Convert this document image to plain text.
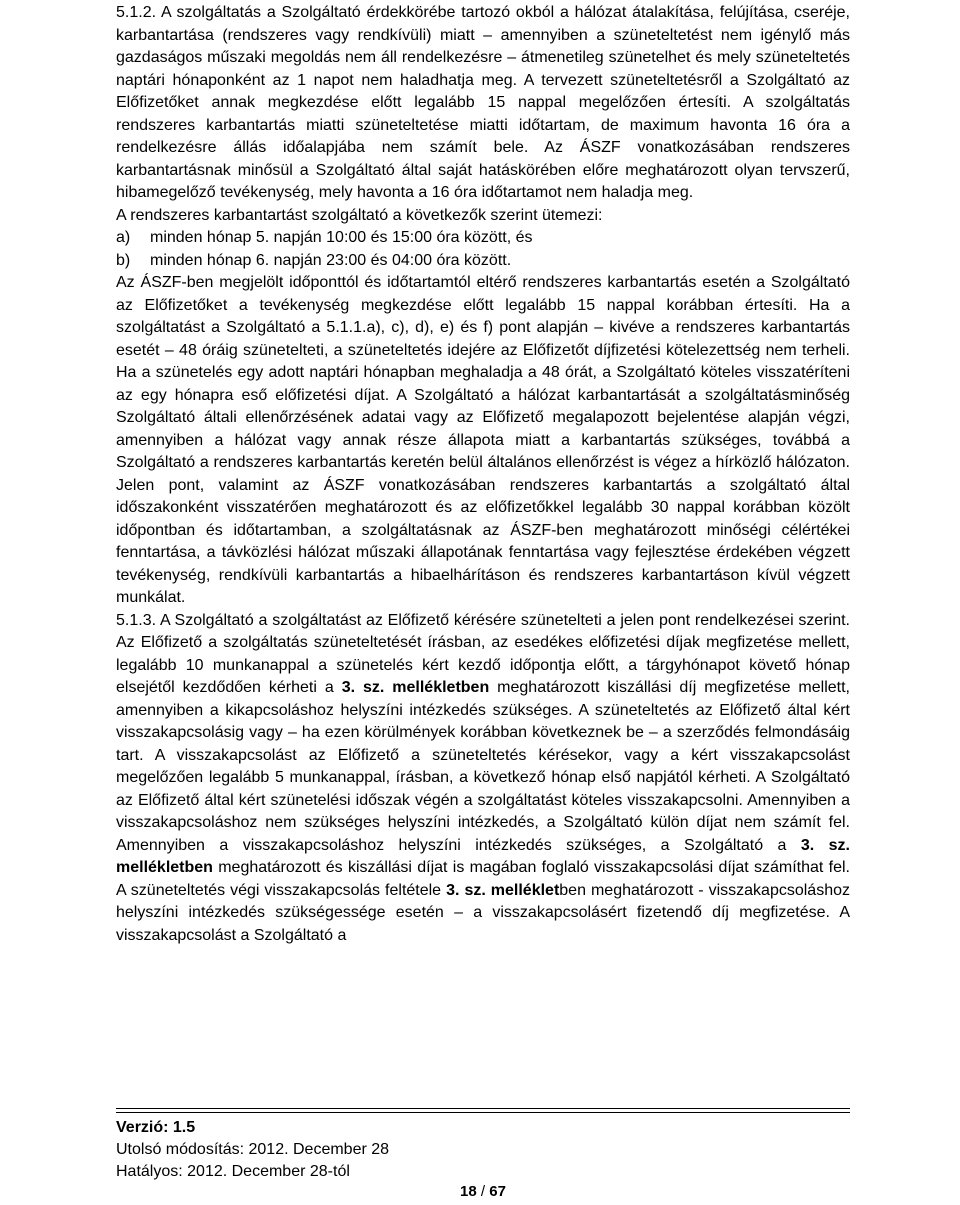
5.1.2. A szolgáltatás a Szolgáltató érdekkörébe tartozó okból a hálózat átalakítása, felújítása, cseréje, karbantartása (rendszeres vagy rendkívüli) miatt – amennyiben a szüneteltetést nem igénylő más gazdaságos műszaki megoldás nem áll rendelkezésre – átmenetileg szünetelhet és mely szüneteltetés naptári hónaponként az 1 napot nem haladhatja meg. A tervezett szüneteltetésről a Szolgáltató az Előfizetőket annak megkezdése előtt legalább 15 nappal megelőzően értesíti. A szolgáltatás rendszeres karbantartás miatti szüneteltetése miatti időtartam, de maximum havonta 16 óra a rendelkezésre állás időalapjába nem számít bele. Az ÁSZF vonatkozásában rendszeres karbantartásnak minősül a Szolgáltató által saját hatáskörében előre meghatározott olyan tervszerű, hibamegelőző tevékenység, mely havonta a 16 óra időtartamot nem haladja meg.

A rendszeres karbantartást szolgáltató a következők szerint ütemezi:

a)	minden hónap 5. napján 10:00 és 15:00 óra között, és
b)	minden hónap 6. napján 23:00 és 04:00 óra között.

Az ÁSZF-ben megjelölt időponttól és időtartamtól eltérő rendszeres karbantartás esetén a Szolgáltató az Előfizetőket a tevékenység megkezdése előtt legalább 15 nappal korábban értesíti. Ha a szolgáltatást a Szolgáltató a 5.1.1.a), c), d), e) és f) pont alapján – kivéve a rendszeres karbantartás esetét – 48 óráig szünetelteti, a szüneteltetés idejére az Előfizetőt díjfizetési kötelezettség nem terheli. Ha a szünetelés egy adott naptári hónapban meghaladja a 48 órát, a Szolgáltató köteles visszatéríteni az egy hónapra eső előfizetési díjat. A Szolgáltató a hálózat karbantartását a szolgáltatásminőség Szolgáltató általi ellenőrzésének adatai vagy az Előfizető megalapozott bejelentése alapján végzi, amennyiben a hálózat vagy annak része állapota miatt a karbantartás szükséges, továbbá a Szolgáltató a rendszeres karbantartás keretén belül általános ellenőrzést is végez a hírközlő hálózaton. Jelen pont, valamint az ÁSZF vonatkozásában rendszeres karbantartás a szolgáltató által időszakonként visszatérően meghatározott és az előfizetőkkel legalább 30 nappal korábban közölt időpontban és időtartamban, a szolgáltatásnak az ÁSZF-ben meghatározott minőségi célértékei fenntartása, a távközlési hálózat műszaki állapotának fenntartása vagy fejlesztése érdekében végzett tevékenység, rendkívüli karbantartás a hibaelhárításon és rendszeres karbantartáson kívül végzett munkálat.

5.1.3. A Szolgáltató a szolgáltatást az Előfizető kérésére szünetelteti a jelen pont rendelkezései szerint. Az Előfizető a szolgáltatás szüneteltetését írásban, az esedékes előfizetési díjak megfizetése mellett, legalább 10 munkanappal a szünetelés kért kezdő időpontja előtt, a tárgyhónapot követő hónap elsejétől kezdődően kérheti a 3. sz. mellékletben meghatározott kiszállási díj megfizetése mellett, amennyiben a kikapcsoláshoz helyszíni intézkedés szükséges. A szüneteltetés az Előfizető által kért visszakapcsolásig vagy – ha ezen körülmények korábban következnek be – a szerződés felmondásáig tart. A visszakapcsolást az Előfizető a szüneteltetés kérésekor, vagy a kért visszakapcsolást megelőzően legalább 5 munkanappal, írásban, a következő hónap első napjától kérheti. A Szolgáltató az Előfizető által kért szünetelési időszak végén a szolgáltatást köteles visszakapcsolni. Amennyiben a visszakapcsoláshoz nem szükséges helyszíni intézkedés, a Szolgáltató külön díjat nem számít fel. Amennyiben a visszakapcsoláshoz helyszíni intézkedés szükséges, a Szolgáltató a 3. sz. mellékletben meghatározott és kiszállási díjat is magában foglaló visszakapcsolási díjat számíthat fel. A szüneteltetés végi visszakapcsolás feltétele 3. sz. mellékletben meghatározott - visszakapcsoláshoz helyszíni intézkedés szükségessége esetén – a visszakapcsolásért fizetendő díj megfizetése. A visszakapcsolást a Szolgáltató a

Verzió: 1.5
Utolsó módosítás: 2012. December 28
Hatályos: 2012. December 28-tól
18 / 67
